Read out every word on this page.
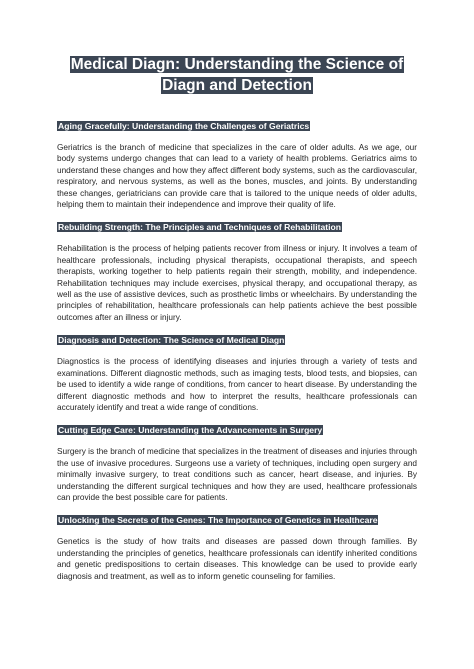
Medical Diagn: Understanding the Science of Diagn and Detection
Aging Gracefully: Understanding the Challenges of Geriatrics

Geriatrics is the branch of medicine that specializes in the care of older adults. As we age, our body systems undergo changes that can lead to a variety of health problems. Geriatrics aims to understand these changes and how they affect different body systems, such as the cardiovascular, respiratory, and nervous systems, as well as the bones, muscles, and joints. By understanding these changes, geriatricians can provide care that is tailored to the unique needs of older adults, helping them to maintain their independence and improve their quality of life.

Rebuilding Strength: The Principles and Techniques of Rehabilitation

Rehabilitation is the process of helping patients recover from illness or injury. It involves a team of healthcare professionals, including physical therapists, occupational therapists, and speech therapists, working together to help patients regain their strength, mobility, and independence. Rehabilitation techniques may include exercises, physical therapy, and occupational therapy, as well as the use of assistive devices, such as prosthetic limbs or wheelchairs. By understanding the principles of rehabilitation, healthcare professionals can help patients achieve the best possible outcomes after an illness or injury.

Diagnosis and Detection: The Science of Medical Diagn

Diagnostics is the process of identifying diseases and injuries through a variety of tests and examinations. Different diagnostic methods, such as imaging tests, blood tests, and biopsies, can be used to identify a wide range of conditions, from cancer to heart disease. By understanding the different diagnostic methods and how to interpret the results, healthcare professionals can accurately identify and treat a wide range of conditions.

Cutting Edge Care: Understanding the Advancements in Surgery

Surgery is the branch of medicine that specializes in the treatment of diseases and injuries through the use of invasive procedures. Surgeons use a variety of techniques, including open surgery and minimally invasive surgery, to treat conditions such as cancer, heart disease, and injuries. By understanding the different surgical techniques and how they are used, healthcare professionals can provide the best possible care for patients.

Unlocking the Secrets of the Genes: The Importance of Genetics in Healthcare

Genetics is the study of how traits and diseases are passed down through families. By understanding the principles of genetics, healthcare professionals can identify inherited conditions and genetic predispositions to certain diseases. This knowledge can be used to provide early diagnosis and treatment, as well as to inform genetic counseling for families.
